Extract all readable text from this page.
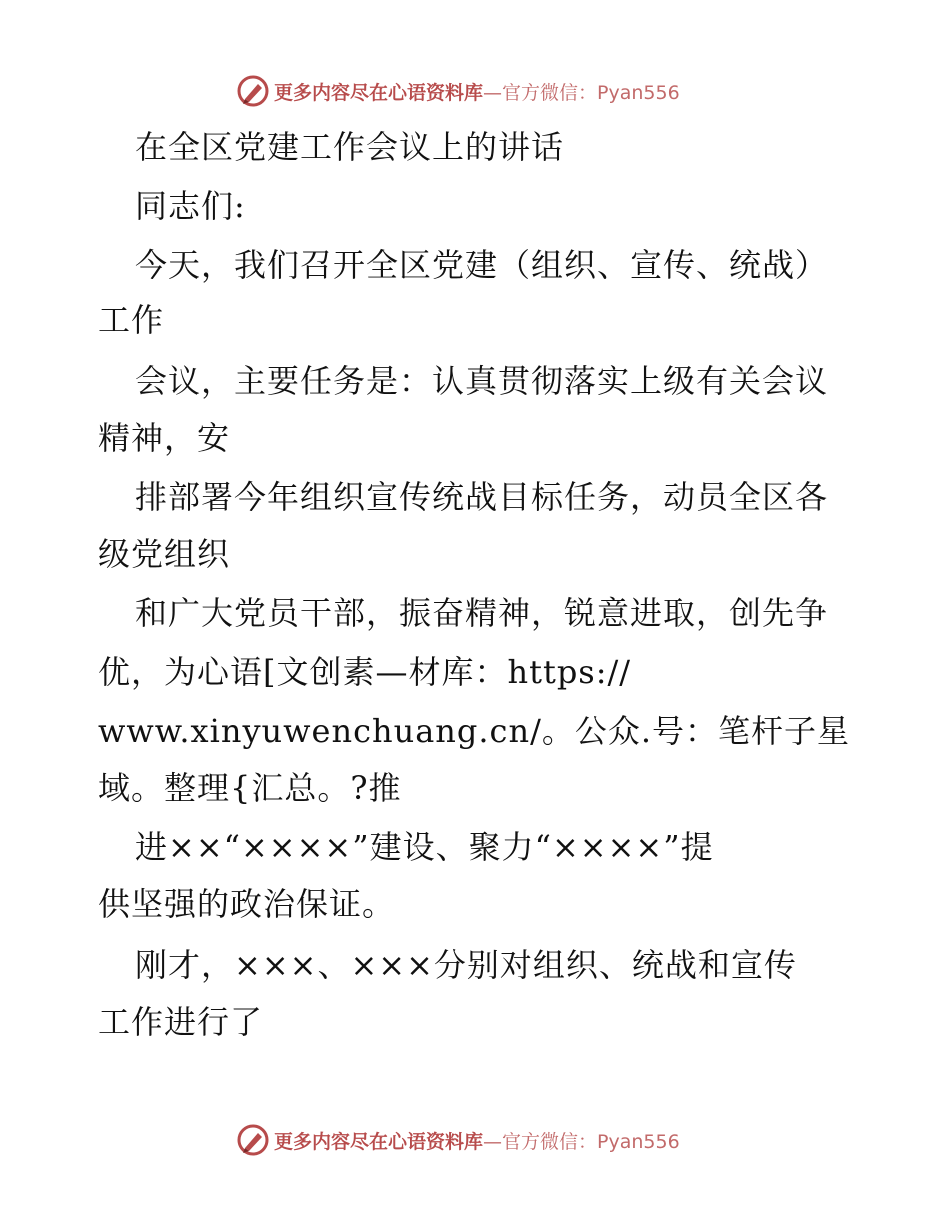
更多内容尽在心语资料库—官方微信：Pyan556
在全区党建工作会议上的讲话
同志们:
今天，我们召开全区党建（组织、宣传、统战）
工作
会议，主要任务是：认真贯彻落实上级有关会议
精神，安
排部署今年组织宣传统战目标任务，动员全区各
级党组织
和广大党员干部，振奋精神，锐意进取，创先争
优，为心语[文创素—材库：https://
www.xinyuwenchuang.cn/。公众.号：笔杆子星
域。整理{汇总。?推
进××“××××”建设、聚力“××××”提
供坚强的政治保证。
刚才，×××、×××分别对组织、统战和宣传
工作进行了
更多内容尽在心语资料库—官方微信：Pyan556
